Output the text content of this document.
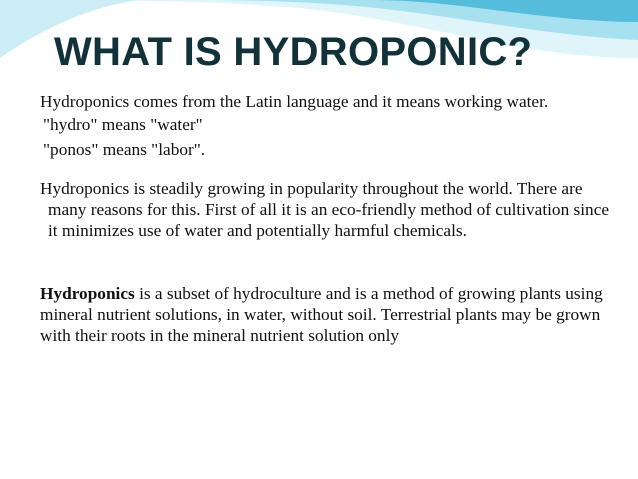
WHAT IS HYDROPONIC?

Hydroponics comes from the Latin language and it means working water.

"hydro" means "water"

"ponos" means "labor".

Hydroponics is steadily growing in popularity throughout the world. There are many reasons for this. First of all it is an eco-friendly method of cultivation since it minimizes use of water and potentially harmful chemicals.

Hydroponics is a subset of hydroculture and is a method of growing plants using mineral nutrient solutions, in water, without soil. Terrestrial plants may be grown with their roots in the mineral nutrient solution only
